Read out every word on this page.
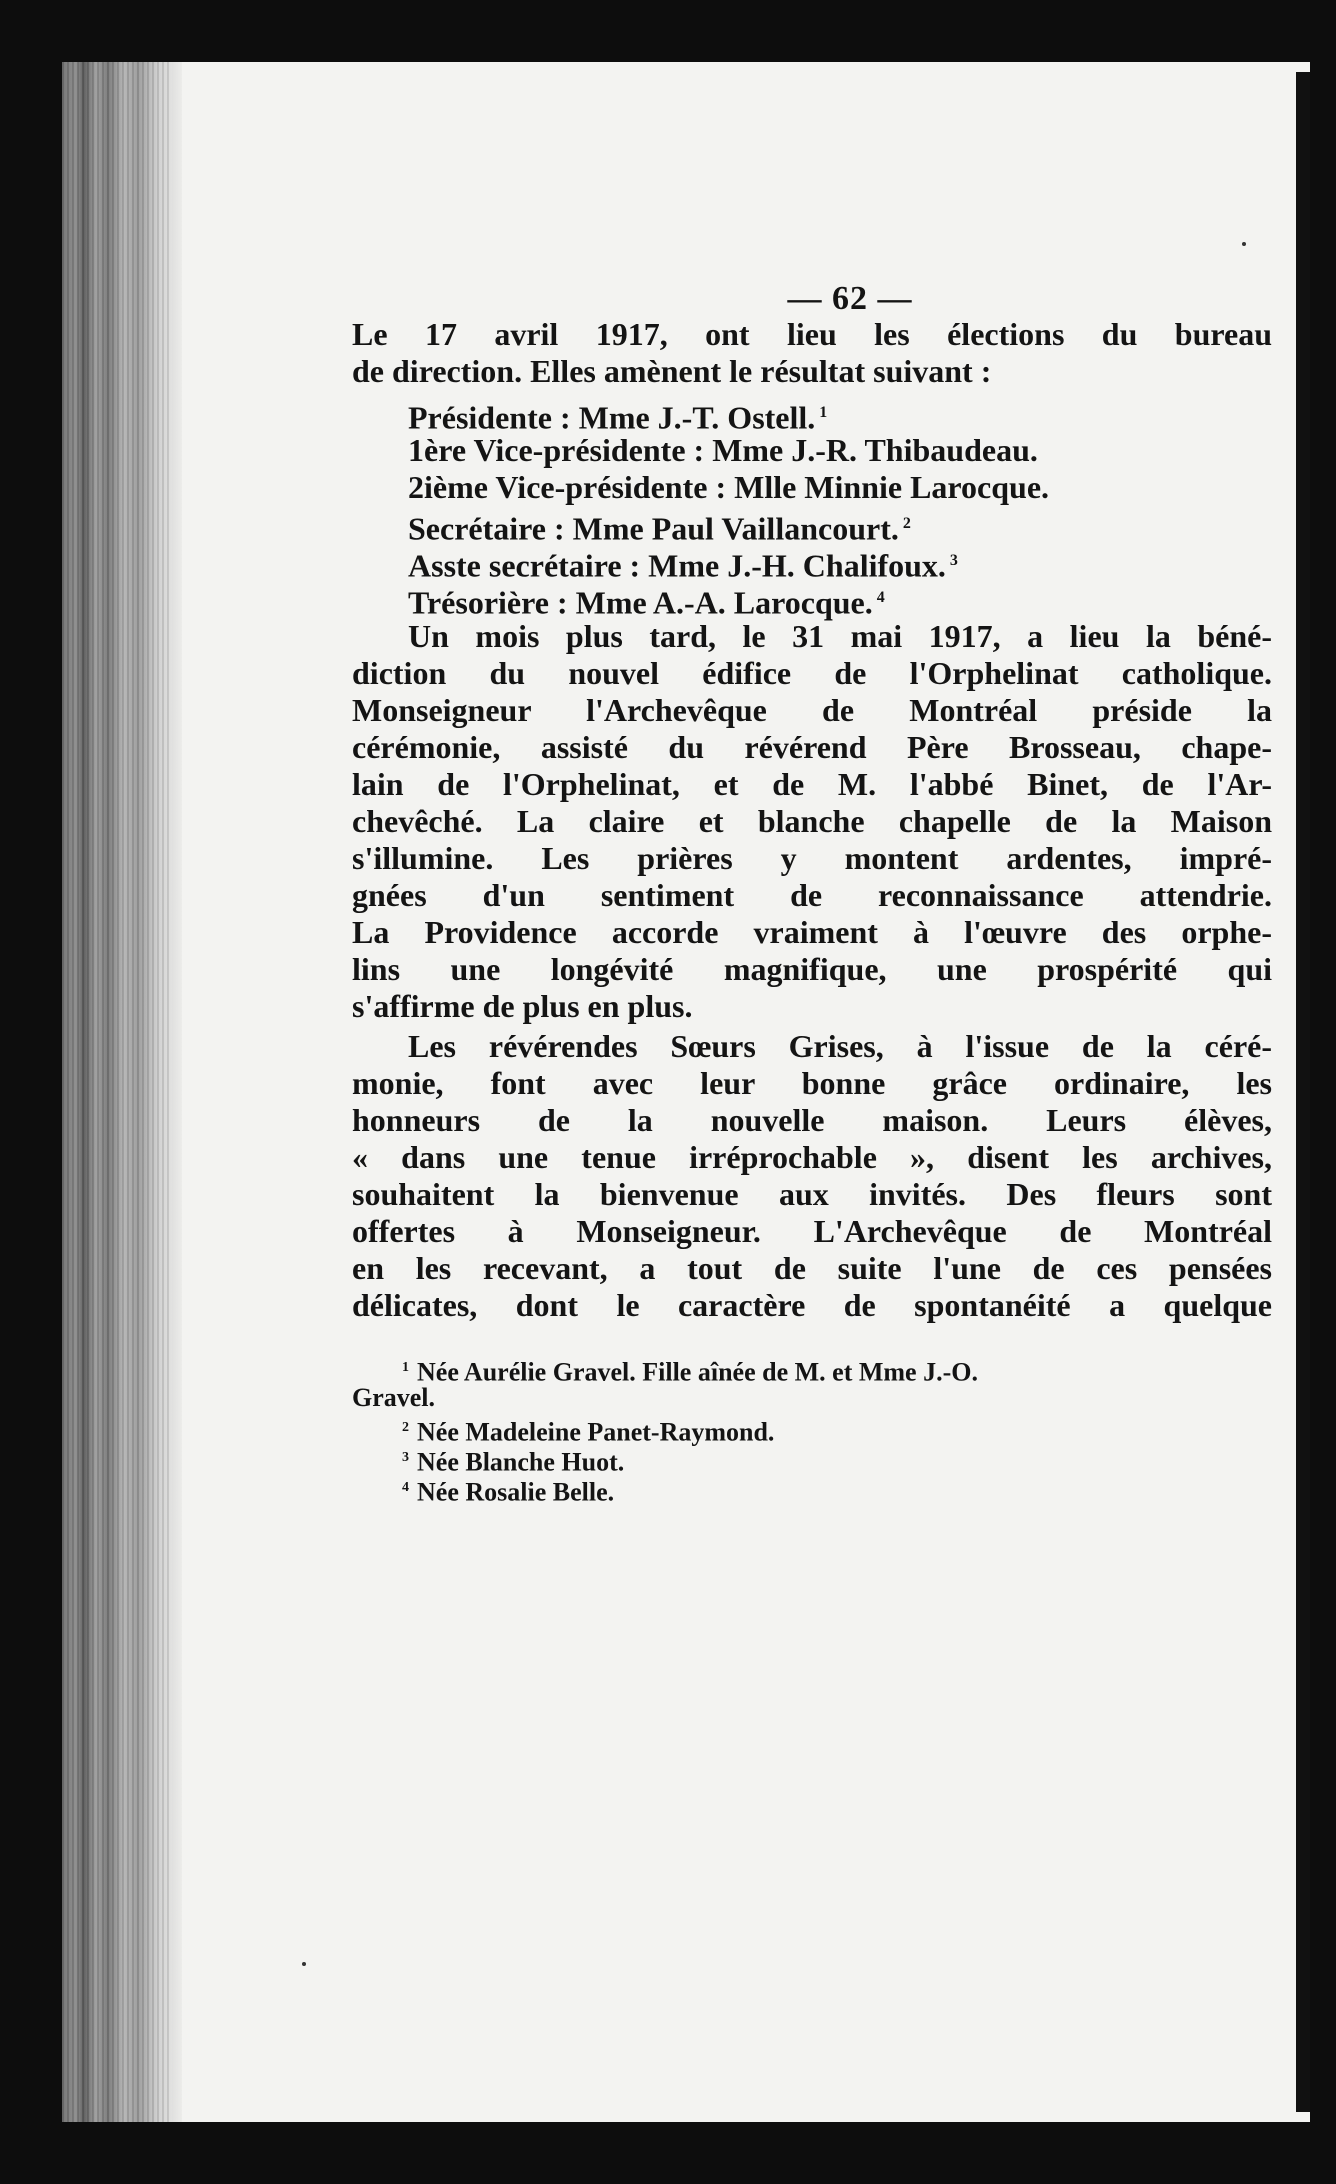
— 62 —
Le 17 avril 1917, ont lieu les élections du bureau
de direction. Elles amènent le résultat suivant :
Présidente : Mme J.-T. Ostell. $^1$
1ère Vice-présidente : Mme J.-R. Thibaudeau.
2ième Vice-présidente : Mlle Minnie Larocque.
Secrétaire : Mme Paul Vaillancourt. $^2$
Asste secrétaire : Mme J.-H. Chalifoux. $^3$
Trésorière : Mme A.-A. Larocque. $^4$
Un mois plus tard, le 31 mai 1917, a lieu la béné-
diction du nouvel édifice de l'Orphelinat catholique.
Monseigneur l'Archevêque de Montréal préside la
cérémonie, assisté du révérend Père Brosseau, chape-
lain de l'Orphelinat, et de M. l'abbé Binet, de l'Ar-
chevêché. La claire et blanche chapelle de la Maison
s'illumine. Les prières y montent ardentes, impré-
gnées d'un sentiment de reconnaissance attendrie.
La Providence accorde vraiment à l'œuvre des orphe-
lins une longévité magnifique, une prospérité qui
s'affirme de plus en plus.
Les révérendes Sœurs Grises, à l'issue de la céré-
monie, font avec leur bonne grâce ordinaire, les
honneurs de la nouvelle maison. Leurs élèves,
« dans une tenue irréprochable », disent les archives,
souhaitent la bienvenue aux invités. Des fleurs sont
offertes à Monseigneur. L'Archevêque de Montréal
en les recevant, a tout de suite l'une de ces pensées
délicates, dont le caractère de spontanéité a quelque
$^1$ Née Aurélie Gravel. Fille aînée de M. et Mme J.-O.
Gravel.
$^2$ Née Madeleine Panet-Raymond.
$^3$ Née Blanche Huot.
$^4$ Née Rosalie Belle.
